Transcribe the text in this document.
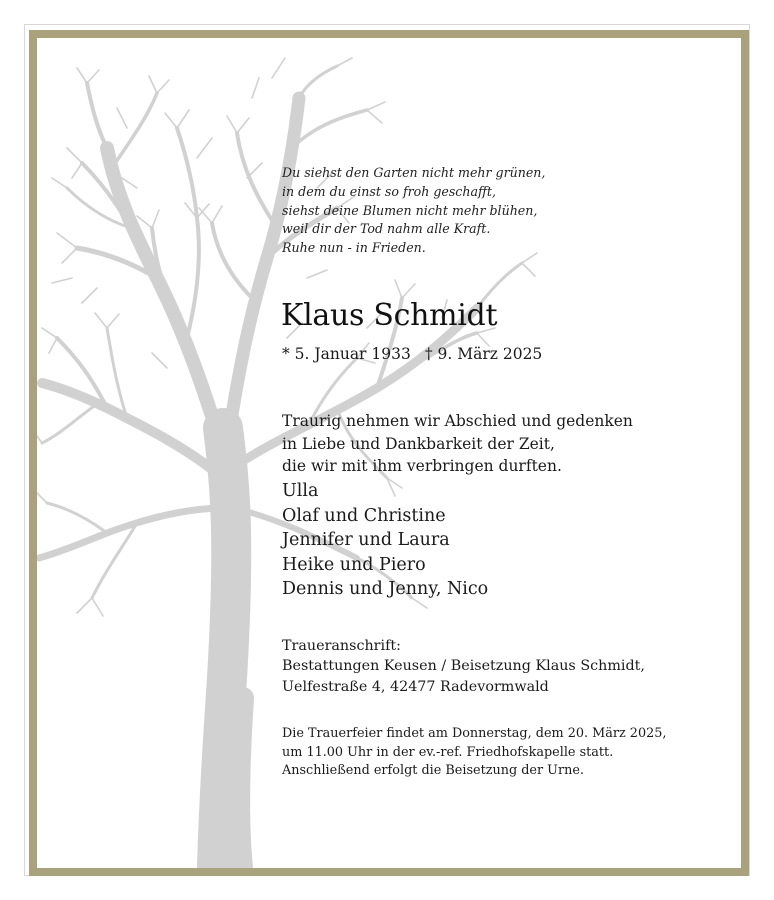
Du siehst den Garten nicht mehr grünen,
in dem du einst so froh geschafft,
siehst deine Blumen nicht mehr blühen,
weil dir der Tod nahm alle Kraft.
Ruhe nun - in Frieden.
Klaus Schmidt
* 5. Januar 1933 † 9. März 2025
Traurig nehmen wir Abschied und gedenken
in Liebe und Dankbarkeit der Zeit,
die wir mit ihm verbringen durften.
Ulla
Olaf und Christine
Jennifer und Laura
Heike und Piero
Dennis und Jenny, Nico
Traueranschrift:
Bestattungen Keusen / Beisetzung Klaus Schmidt,
Uelfestraße 4, 42477 Radevormwald
Die Trauerfeier findet am Donnerstag, dem 20. März 2025,
um 11.00 Uhr in der ev.-ref. Friedhofskapelle statt.
Anschließend erfolgt die Beisetzung der Urne.
